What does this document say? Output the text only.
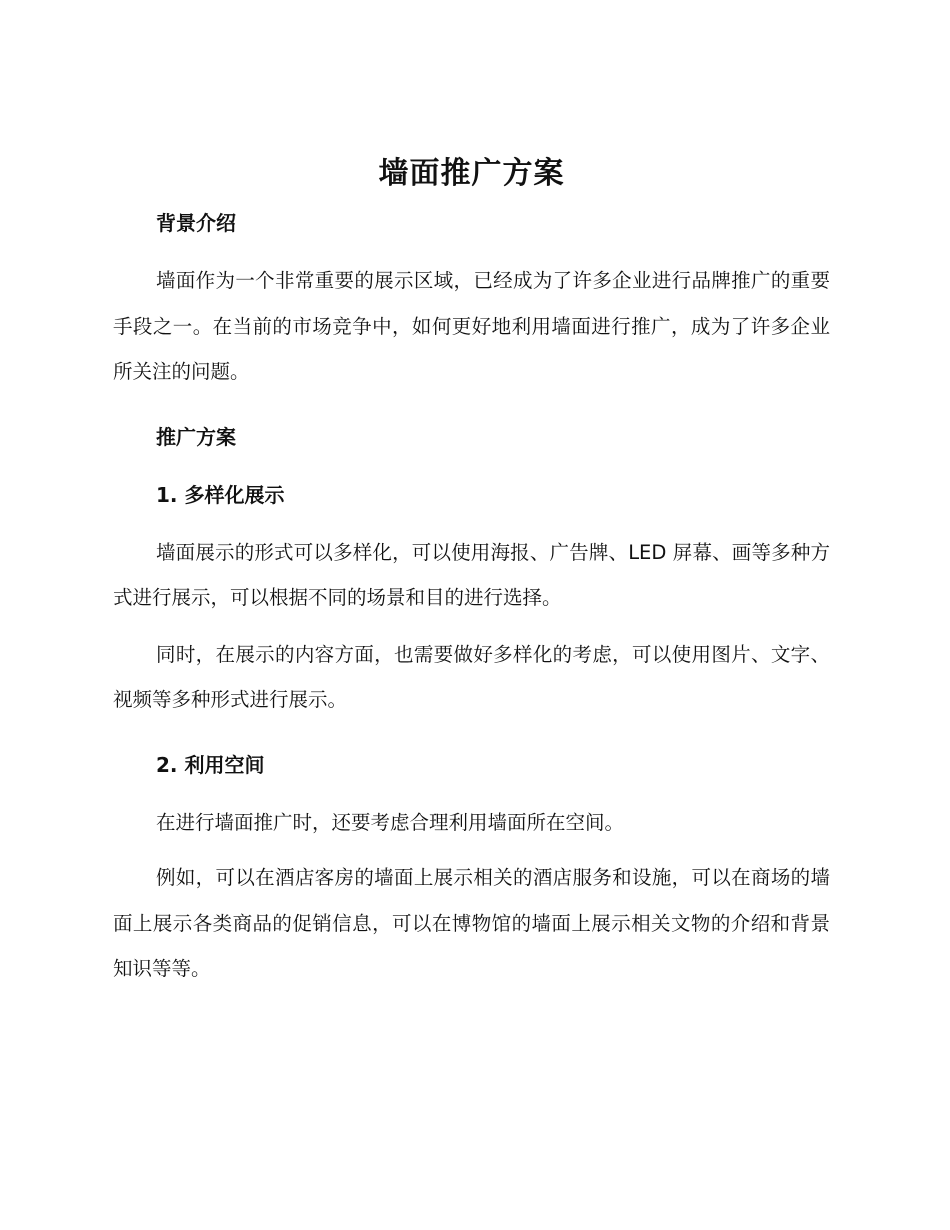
墙面推广方案
背景介绍

墙面作为一个非常重要的展示区域，已经成为了许多企业进行品牌推广的重要手段之一。在当前的市场竞争中，如何更好地利用墙面进行推广，成为了许多企业所关注的问题。

推广方案
1. 多样化展示

墙面展示的形式可以多样化，可以使用海报、广告牌、LED 屏幕、画等多种方式进行展示，可以根据不同的场景和目的进行选择。

同时，在展示的内容方面，也需要做好多样化的考虑，可以使用图片、文字、视频等多种形式进行展示。

2. 利用空间

在进行墙面推广时，还要考虑合理利用墙面所在空间。

例如，可以在酒店客房的墙面上展示相关的酒店服务和设施，可以在商场的墙面上展示各类商品的促销信息，可以在博物馆的墙面上展示相关文物的介绍和背景知识等等。
